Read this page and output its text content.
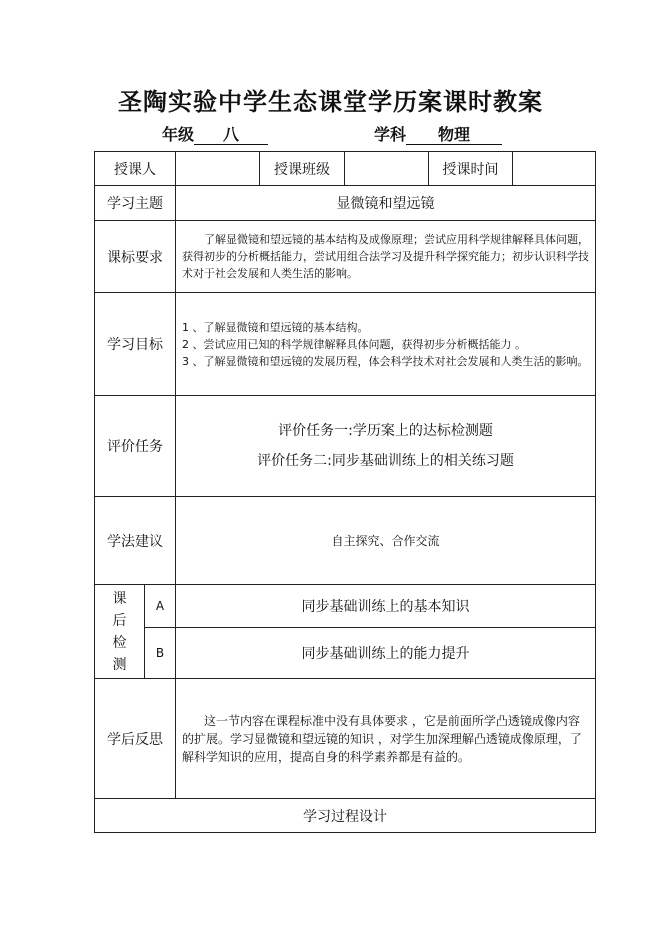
圣陶实验中学生态课堂学历案课时教案
年级 八	学科 物理
授课人			授课班级		授课时间	
学习主题		显微镜和望远镜				
课标要求		了解显微镜和望远镜的基本结构及成像原理；尝试应用科学规律解释具体问题，获得初步的分析概括能力，尝试用组合法学习及提升科学探究能力；初步认识科学技术对于社会发展和人类生活的影响。				
学习目标		1 、了解显微镜和望远镜的基本结构。
2 、尝试应用已知的科学规律解释具体问题，获得初步分析概括能力 。
3 、了解显微镜和望远镜的发展历程，体会科学技术对社会发展和人类生活的影响。				

评价任务		评价任务一:学历案上的达标检测题
评价任务二:同步基础训练上的相关练习题				

学法建议		自主探究、合作交流				

课
后
检
测	A	同步基础训练上的基本知识				
	B	同步基础训练上的能力提升				
学后反思		这一节内容在课程标准中没有具体要求 ，它是前面所学凸透镜成像内容的扩展。学习显微镜和望远镜的知识 ，对学生加深理解凸透镜成像原理，了解科学知识的应用，提高自身的科学素养都是有益的。				
学习过程设计						
